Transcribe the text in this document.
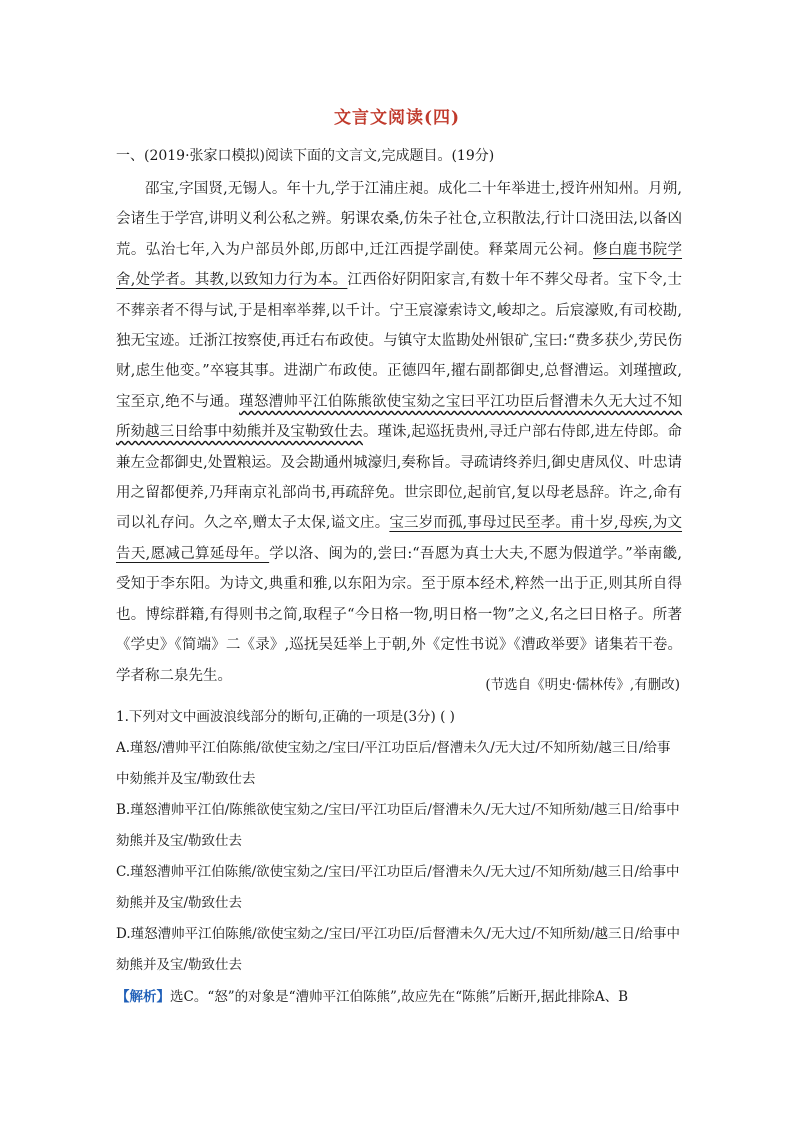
文言文阅读(四)
一、(2019·张家口模拟)阅读下面的文言文,完成题目。(19分)
邵宝,字国贤,无锡人。年十九,学于江浦庄昶。成化二十年举进士,授许州知州。月朔,会诸生于学宫,讲明义利公私之辨。躬课农桑,仿朱子社仓,立积散法,行计口浇田法,以备凶荒。弘治七年,入为户部员外郎,历郎中,迁江西提学副使。释菜周元公祠。修白鹿书院学舍,处学者。其教,以致知力行为本。江西俗好阴阳家言,有数十年不葬父母者。宝下令,士不葬亲者不得与试,于是相率举葬,以千计。宁王宸濠索诗文,峻却之。后宸濠败,有司校勘,独无宝迹。迁浙江按察使,再迁右布政使。与镇守太监勘处州银矿,宝曰:“费多获少,劳民伤财,虑生他变。”卒寝其事。进湖广布政使。正德四年,擢右副都御史,总督漕运。刘瑾擅政,宝至京,绝不与通。瑾怒漕帅平江伯陈熊欲使宝劾之宝曰平江功臣后督漕未久无大过不知所劾越三日给事中劾熊并及宝勒致仕去。瑾诛,起巡抚贵州,寻迁户部右侍郎,进左侍郎。命兼左佥都御史,处置粮运。及会勘通州城濠归,奏称旨。寻疏请终养归,御史唐凤仪、叶忠请用之留都便养,乃拜南京礼部尚书,再疏辞免。世宗即位,起前官,复以母老恳辞。许之,命有司以礼存问。久之卒,赠太子太保,谥文庄。宝三岁而孤,事母过民至孝。甫十岁,母疾,为文告天,愿减己算延母年。学以洛、闽为的,尝曰:“吾愿为真士大夫,不愿为假道学。”举南畿,受知于李东阳。为诗文,典重和雅,以东阳为宗。至于原本经术,粹然一出于正,则其所自得也。博综群籍,有得则书之简,取程子“今日格一物,明日格一物”之义,名之曰日格子。所著《学史》《简端》二《录》,巡抚吴廷举上于朝,外《定性书说》《漕政举要》诸集若干卷。学者称二泉先生。
(节选自《明史·儒林传》,有删改)
1.下列对文中画波浪线部分的断句,正确的一项是(3分) ( )

A.瑾怒/漕帅平江伯陈熊/欲使宝劾之/宝曰/平江功臣后/督漕未久/无大过/不知所劾/越三日/给事中劾熊并及宝/勒致仕去

B.瑾怒漕帅平江伯/陈熊欲使宝劾之/宝曰/平江功臣后/督漕未久/无大过/不知所劾/越三日/给事中劾熊并及宝/勒致仕去

C.瑾怒漕帅平江伯陈熊/欲使宝劾之/宝曰/平江功臣后/督漕未久/无大过/不知所劾/越三日/给事中劾熊并及宝/勒致仕去

D.瑾怒漕帅平江伯陈熊/欲使宝劾之/宝曰/平江功臣/后督漕未久/无大过/不知所劾/越三日/给事中劾熊并及宝/勒致仕去

【解析】选C。“怒”的对象是“漕帅平江伯陈熊”,故应先在“陈熊”后断开,据此排除A、B
